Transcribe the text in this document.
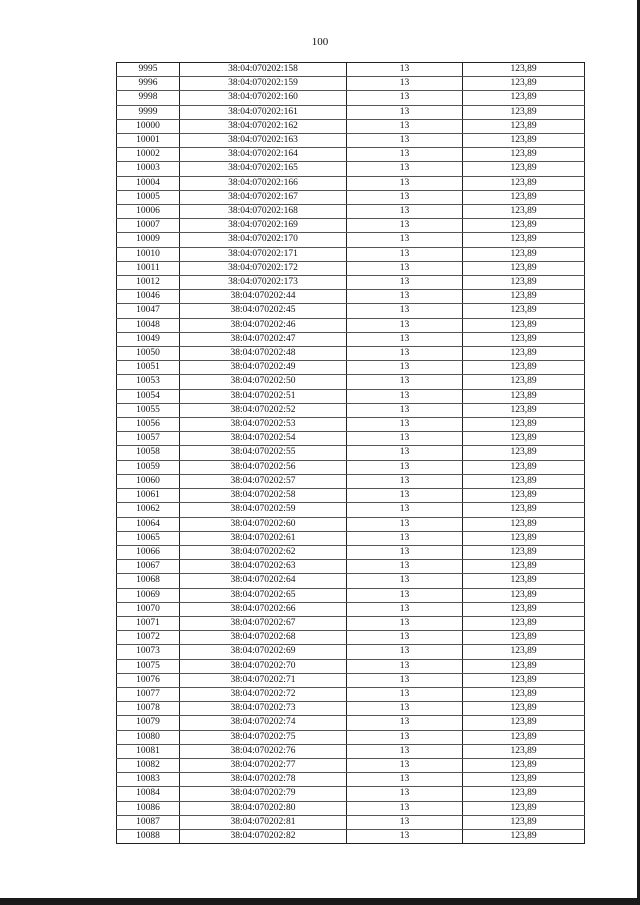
100
9995	38:04:070202:158	13	123,89
9996	38:04:070202:159	13	123,89
9998	38:04:070202:160	13	123,89
9999	38:04:070202:161	13	123,89
10000	38:04:070202:162	13	123,89
10001	38:04:070202:163	13	123,89
10002	38:04:070202:164	13	123,89
10003	38:04:070202:165	13	123,89
10004	38:04:070202:166	13	123,89
10005	38:04:070202:167	13	123,89
10006	38:04:070202:168	13	123,89
10007	38:04:070202:169	13	123,89
10009	38:04:070202:170	13	123,89
10010	38:04:070202:171	13	123,89
10011	38:04:070202:172	13	123,89
10012	38:04:070202:173	13	123,89
10046	38:04:070202:44	13	123,89
10047	38:04:070202:45	13	123,89
10048	38:04:070202:46	13	123,89
10049	38:04:070202:47	13	123,89
10050	38:04:070202:48	13	123,89
10051	38:04:070202:49	13	123,89
10053	38:04:070202:50	13	123,89
10054	38:04:070202:51	13	123,89
10055	38:04:070202:52	13	123,89
10056	38:04:070202:53	13	123,89
10057	38:04:070202:54	13	123,89
10058	38:04:070202:55	13	123,89
10059	38:04:070202:56	13	123,89
10060	38:04:070202:57	13	123,89
10061	38:04:070202:58	13	123,89
10062	38:04:070202:59	13	123,89
10064	38:04:070202:60	13	123,89
10065	38:04:070202:61	13	123,89
10066	38:04:070202:62	13	123,89
10067	38:04:070202:63	13	123,89
10068	38:04:070202:64	13	123,89
10069	38:04:070202:65	13	123,89
10070	38:04:070202:66	13	123,89
10071	38:04:070202:67	13	123,89
10072	38:04:070202:68	13	123,89
10073	38:04:070202:69	13	123,89
10075	38:04:070202:70	13	123,89
10076	38:04:070202:71	13	123,89
10077	38:04:070202:72	13	123,89
10078	38:04:070202:73	13	123,89
10079	38:04:070202:74	13	123,89
10080	38:04:070202:75	13	123,89
10081	38:04:070202:76	13	123,89
10082	38:04:070202:77	13	123,89
10083	38:04:070202:78	13	123,89
10084	38:04:070202:79	13	123,89
10086	38:04:070202:80	13	123,89
10087	38:04:070202:81	13	123,89
10088	38:04:070202:82	13	123,89
